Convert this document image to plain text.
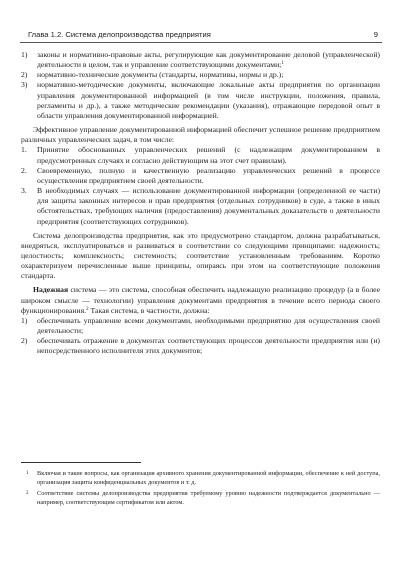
Глава 1.2. Система делопроизводства предприятия	9
1) законы и нормативно-правовые акты, регулирующие как документирование деловой (управленческой) деятельности в целом, так и управление соответствующими документами;$^1$
2) нормативно-технические документы (стандарты, нормативы, нормы и др.);
3) нормативно-методические документы, включающие локальные акты предприятия по организации управления документированной информацией (в том числе инструкции, положения, правила, регламенты и др.), а также методические рекомендации (указания), отражающие передовой опыт в области управления документированной информацией.

Эффективное управление документированной информацией обеспечит успешное решение предприятием различных управленческих задач, в том числе:

1. Принятие обоснованных управленческих решений (с надлежащим документированием в предусмотренных случаях и согласно действующим на этот счет правилам).
2. Своевременную, полную и качественную реализацию управленческих решений в процессе осуществления предприятием своей деятельности.
3. В необходимых случаях — использование документированной информации (определенной ее части) для защиты законных интересов и прав предприятия (отдельных сотрудников) в суде, а также в иных обстоятельствах, требующих наличия (предоставления) документальных доказательств о деятельности предприятия (соответствующих сотрудников).

Система делопроизводства предприятия, как это предусмотрено стандартом, должна разрабатываться, внедряться, эксплуатироваться и развиваться в соответствии со следующими принципами: надежность; целостность; комплексность; системность; соответствие установленным требованиям. Коротко охарактеризуем перечисленные выше принципы, опираясь при этом на соответствующие положения стандарта.

Надежная система — это система, способная обеспечить надлежащую реализацию процедур (а в более широком смысле — технологии) управления документами предприятия в течение всего периода своего функционирования.$^2$ Такая система, в частности, должна:

1) обеспечивать управление всеми документами, необходимыми предприятию для осуществления своей деятельности;
2) обеспечивать отражение в документах соответствующих процессов деятельности предприятия или (и) непосредственного исполнителя этих документов;
1 Включая и такие вопросы, как организация архивного хранения документированной информации, обеспечение к ней доступа, организация защиты конфиденциальных документов и т. д.
2 Соответствие системы делопроизводства предприятия требуемому уровню надежности подтверждается документально — например, соответствующим сертификатом или актом.
